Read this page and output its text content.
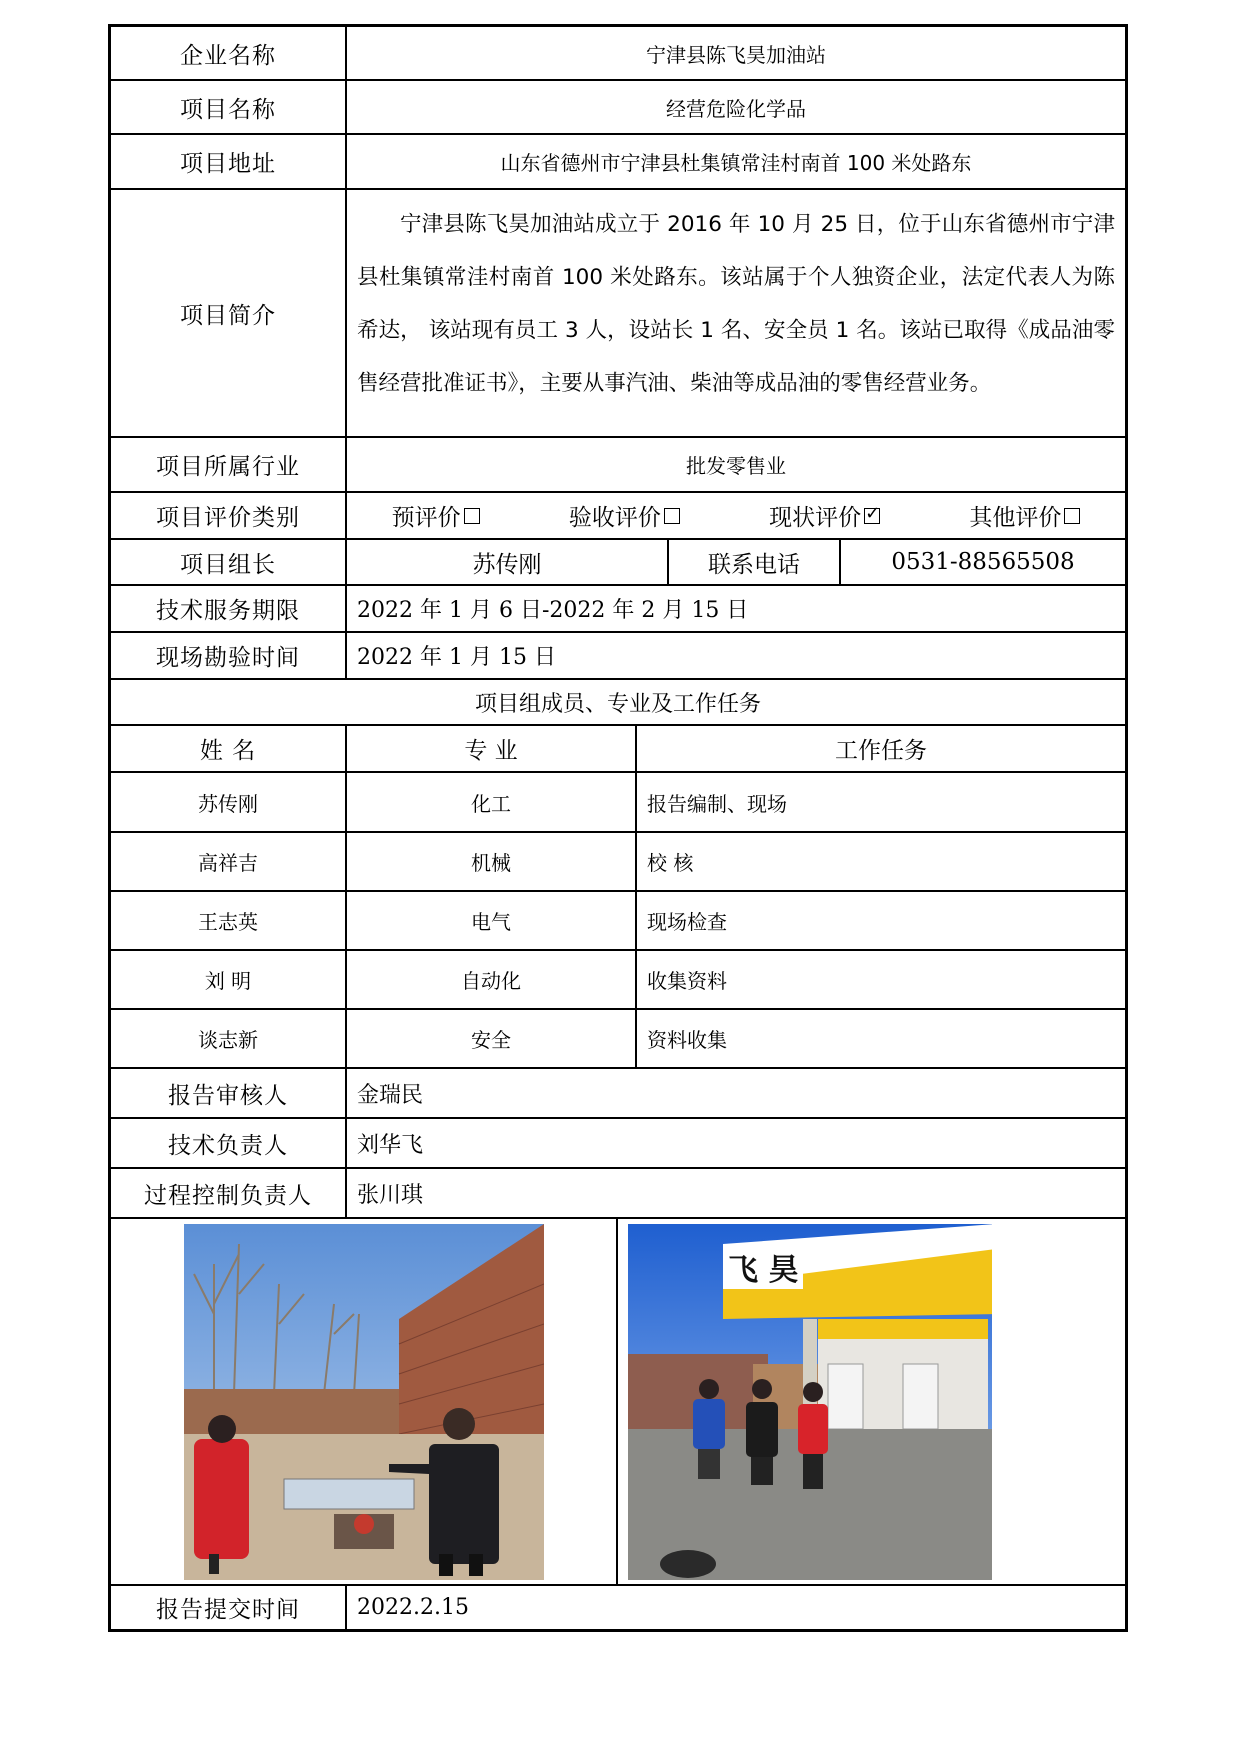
企业名称	宁津县陈飞昊加油站
项目名称	经营危险化学品
项目地址	山东省德州市宁津县杜集镇常洼村南首 100 米处路东
项目简介

宁津县陈飞昊加油站成立于 2016 年 10 月 25 日，位于山东省德州市宁津县杜集镇常洼村南首 100 米处路东。该站属于个人独资企业，法定代表人为陈希达， 该站现有员工 3 人，设站长 1 名、安全员 1 名。该站已取得《成品油零售经营批准证书》，主要从事汽油、柴油等成品油的零售经营业务。

项目所属行业	批发零售业
项目评价类别	预评价	验收评价	现状评价
✓	其他评价
项目组长	苏传刚	联系电话	0531-88565508
技术服务期限	2022 年 1 月 6 日-2022 年 2 月 15 日
现场勘验时间	2022 年 1 月 15 日
项目组成员、专业及工作任务
姓 名	专 业	工作任务
苏传刚	化工	报告编制、现场
高祥吉	机械	校 核
王志英	电气	现场检查
刘 明	自动化	收集资料
谈志新	安全	资料收集
报告审核人	金瑞民
技术负责人	刘华飞
过程控制负责人	张川琪
飞 昊
报告提交时间	2022.2.15
